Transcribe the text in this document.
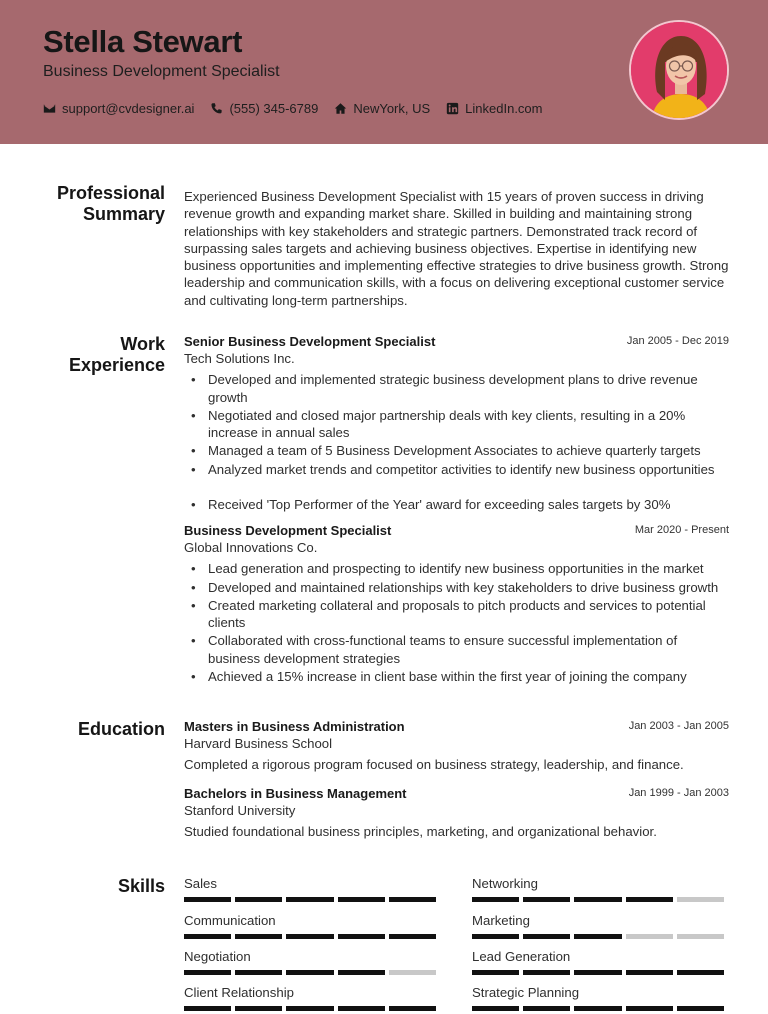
Stella Stewart
Business Development Specialist
support@cvdesigner.ai	(555) 345-6789	NewYork, US	LinkedIn.com
Professional
Summary
Experienced Business Development Specialist with 15 years of proven success in driving revenue growth and expanding market share. Skilled in building and maintaining strong relationships with key stakeholders and strategic partners. Demonstrated track record of surpassing sales targets and achieving business objectives. Expertise in identifying new business opportunities and implementing effective strategies to drive business growth. Strong leadership and communication skills, with a focus on delivering exceptional customer service and cultivating long-term partnerships.
Work
Experience
Senior Business Development Specialist	Jan 2005 - Dec 2019
Tech Solutions Inc.
• Developed and implemented strategic business development plans to drive revenue growth
• Negotiated and closed major partnership deals with key clients, resulting in a 20% increase in annual sales
• Managed a team of 5 Business Development Associates to achieve quarterly targets
• Analyzed market trends and competitor activities to identify new business opportunities
• Received 'Top Performer of the Year' award for exceeding sales targets by 30%
Business Development Specialist	Mar 2020 - Present
Global Innovations Co.
• Lead generation and prospecting to identify new business opportunities in the market
• Developed and maintained relationships with key stakeholders to drive business growth
• Created marketing collateral and proposals to pitch products and services to potential clients
• Collaborated with cross-functional teams to ensure successful implementation of business development strategies
• Achieved a 15% increase in client base within the first year of joining the company
Education Masters in Business Administration	Jan 2003 - Jan 2005
Harvard Business School
Completed a rigorous program focused on business strategy, leadership, and finance.
Bachelors in Business Management	Jan 1999 - Jan 2003
Stanford University
Studied foundational business principles, marketing, and organizational behavior.
Skills Sales	Networking
Communication	Marketing
Negotiation	Lead Generation
Client Relationship	Strategic Planning
